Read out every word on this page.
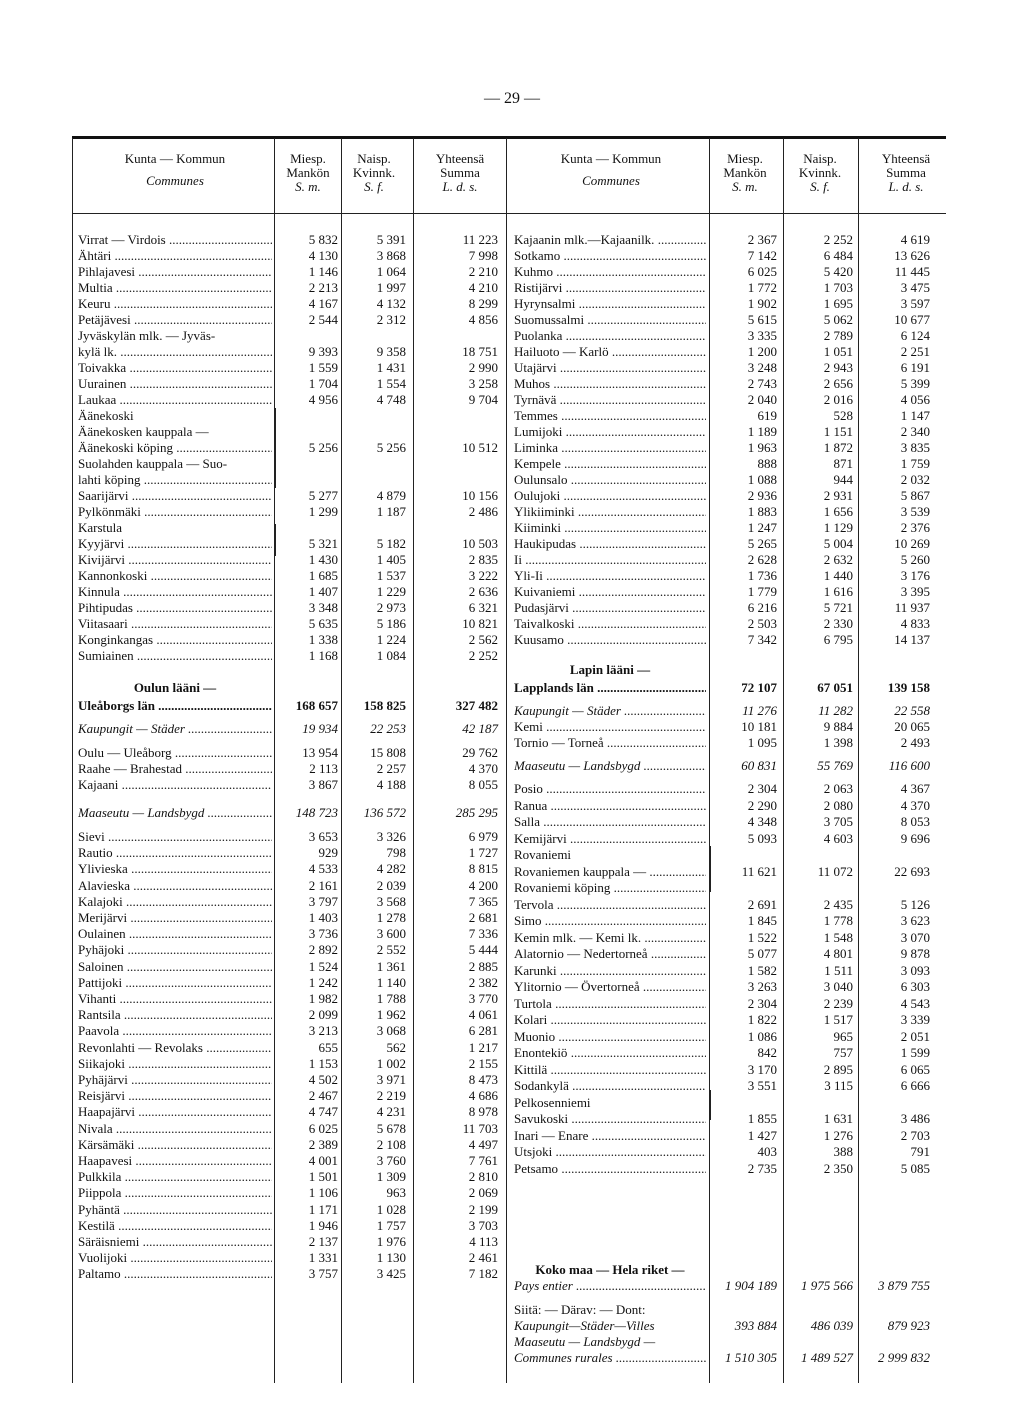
— 29 —
Kunta — Kommun
Communes
Miesp.
Mankön
S. m.
Naisp.
Kvinnk.
S. f.
Yhteensä
Summa
L. d. s.
Kunta — Kommun
Communes
Miesp.
Mankön
S. m.
Naisp.
Kvinnk.
S. f.
Yhteensä
Summa
L. d. s.
Virrat — Virdois .....	5 832	5 391	11 223
Ähtäri .....	4 130	3 868	7 998
Pihlajavesi .....	1 146	1 064	2 210
Multia .....	2 213	1 997	4 210
Keuru .....	4 167	4 132	8 299
Petäjävesi .....	2 544	2 312	4 856
Jyväskylän mlk. — Jyväs-
kylä lk. .....	9 393	9 358	18 751
Toivakka .....	1 559	1 431	2 990
Uurainen .....	1 704	1 554	3 258
Laukaa .....	4 956	4 748	9 704
Äänekoski
Äänekosken kauppala —
Äänekoski köping .....	5 256	5 256	10 512
Suolahden kauppala — Suo-
lahti köping .....
Saarijärvi .....	5 277	4 879	10 156
Pylkönmäki .....	1 299	1 187	2 486
Karstula
Kyyjärvi .....	5 321	5 182	10 503
Kivijärvi .....	1 430	1 405	2 835
Kannonkoski .....	1 685	1 537	3 222
Kinnula .....	1 407	1 229	2 636
Pihtipudas .....	3 348	2 973	6 321
Viitasaari .....	5 635	5 186	10 821
Konginkangas .....	1 338	1 224	2 562
Sumiainen .....	1 168	1 084	2 252
Oulun lääni —
Uleåborgs län .....	168 657	158 825	327 482
Kaupungit — Städer .....	19 934	22 253	42 187
Oulu — Uleåborg .....	13 954	15 808	29 762
Raahe — Brahestad .....	2 113	2 257	4 370
Kajaani .....	3 867	4 188	8 055
Maaseutu — Landsbygd .....	148 723	136 572	285 295
Sievi .....	3 653	3 326	6 979
Rautio .....	929	798	1 727
Ylivieska .....	4 533	4 282	8 815
Alavieska .....	2 161	2 039	4 200
Kalajoki .....	3 797	3 568	7 365
Merijärvi .....	1 403	1 278	2 681
Oulainen .....	3 736	3 600	7 336
Pyhäjoki .....	2 892	2 552	5 444
Saloinen .....	1 524	1 361	2 885
Pattijoki .....	1 242	1 140	2 382
Vihanti .....	1 982	1 788	3 770
Rantsila .....	2 099	1 962	4 061
Paavola .....	3 213	3 068	6 281
Revonlahti — Revolaks .....	655	562	1 217
Siikajoki .....	1 153	1 002	2 155
Pyhäjärvi .....	4 502	3 971	8 473
Reisjärvi .....	2 467	2 219	4 686
Haapajärvi .....	4 747	4 231	8 978
Nivala .....	6 025	5 678	11 703
Kärsämäki .....	2 389	2 108	4 497
Haapavesi .....	4 001	3 760	7 761
Pulkkila .....	1 501	1 309	2 810
Piippola .....	1 106	963	2 069
Pyhäntä .....	1 171	1 028	2 199
Kestilä .....	1 946	1 757	3 703
Säräisniemi .....	2 137	1 976	4 113
Vuolijoki .....	1 331	1 130	2 461
Paltamo .....	3 757	3 425	7 182
Kajaanin mlk.—Kajaanilk. .....	2 367	2 252	4 619
Sotkamo .....	7 142	6 484	13 626
Kuhmo .....	6 025	5 420	11 445
Ristijärvi .....	1 772	1 703	3 475
Hyrynsalmi .....	1 902	1 695	3 597
Suomussalmi .....	5 615	5 062	10 677
Puolanka .....	3 335	2 789	6 124
Hailuoto — Karlö .....	1 200	1 051	2 251
Utajärvi .....	3 248	2 943	6 191
Muhos .....	2 743	2 656	5 399
Tyrnävä .....	2 040	2 016	4 056
Temmes .....	619	528	1 147
Lumijoki .....	1 189	1 151	2 340
Liminka .....	1 963	1 872	3 835
Kempele .....	888	871	1 759
Oulunsalo .....	1 088	944	2 032
Oulujoki .....	2 936	2 931	5 867
Ylikiiminki .....	1 883	1 656	3 539
Kiiminki .....	1 247	1 129	2 376
Haukipudas .....	5 265	5 004	10 269
Ii .....	2 628	2 632	5 260
Yli-Ii .....	1 736	1 440	3 176
Kuivaniemi .....	1 779	1 616	3 395
Pudasjärvi .....	6 216	5 721	11 937
Taivalkoski .....	2 503	2 330	4 833
Kuusamo .....	7 342	6 795	14 137
Lapin lääni —
Lapplands län .....	72 107	67 051	139 158
Kaupungit — Städer .....	11 276	11 282	22 558
Kemi .....	10 181	9 884	20 065
Tornio — Torneå .....	1 095	1 398	2 493
Maaseutu — Landsbygd .....	60 831	55 769	116 600
Posio .....	2 304	2 063	4 367
Ranua .....	2 290	2 080	4 370
Salla .....	4 348	3 705	8 053
Kemijärvi .....	5 093	4 603	9 696
Rovaniemi
Rovaniemen kauppala — .....	11 621	11 072	22 693
Rovaniemi köping .....
Tervola .....	2 691	2 435	5 126
Simo .....	1 845	1 778	3 623
Kemin mlk. — Kemi lk. .....	1 522	1 548	3 070
Alatornio — Nedertorneå .....	5 077	4 801	9 878
Karunki .....	1 582	1 511	3 093
Ylitornio — Övertorneå .....	3 263	3 040	6 303
Turtola .....	2 304	2 239	4 543
Kolari .....	1 822	1 517	3 339
Muonio .....	1 086	965	2 051
Enontekiö .....	842	757	1 599
Kittilä .....	3 170	2 895	6 065
Sodankylä .....	3 551	3 115	6 666
Pelkosenniemi
Savukoski .....	1 855	1 631	3 486
Inari — Enare .....	1 427	1 276	2 703
Utsjoki .....	403	388	791
Petsamo .....	2 735	2 350	5 085
Koko maa — Hela riket —
Pays entier .....	1 904 189	1 975 566	3 879 755
Siitä: — Därav: — Dont:
Kaupungit—Städer—Villes	393 884	486 039	879 923
Maaseutu — Landsbygd —
Communes rurales .....	1 510 305	1 489 527	2 999 832
